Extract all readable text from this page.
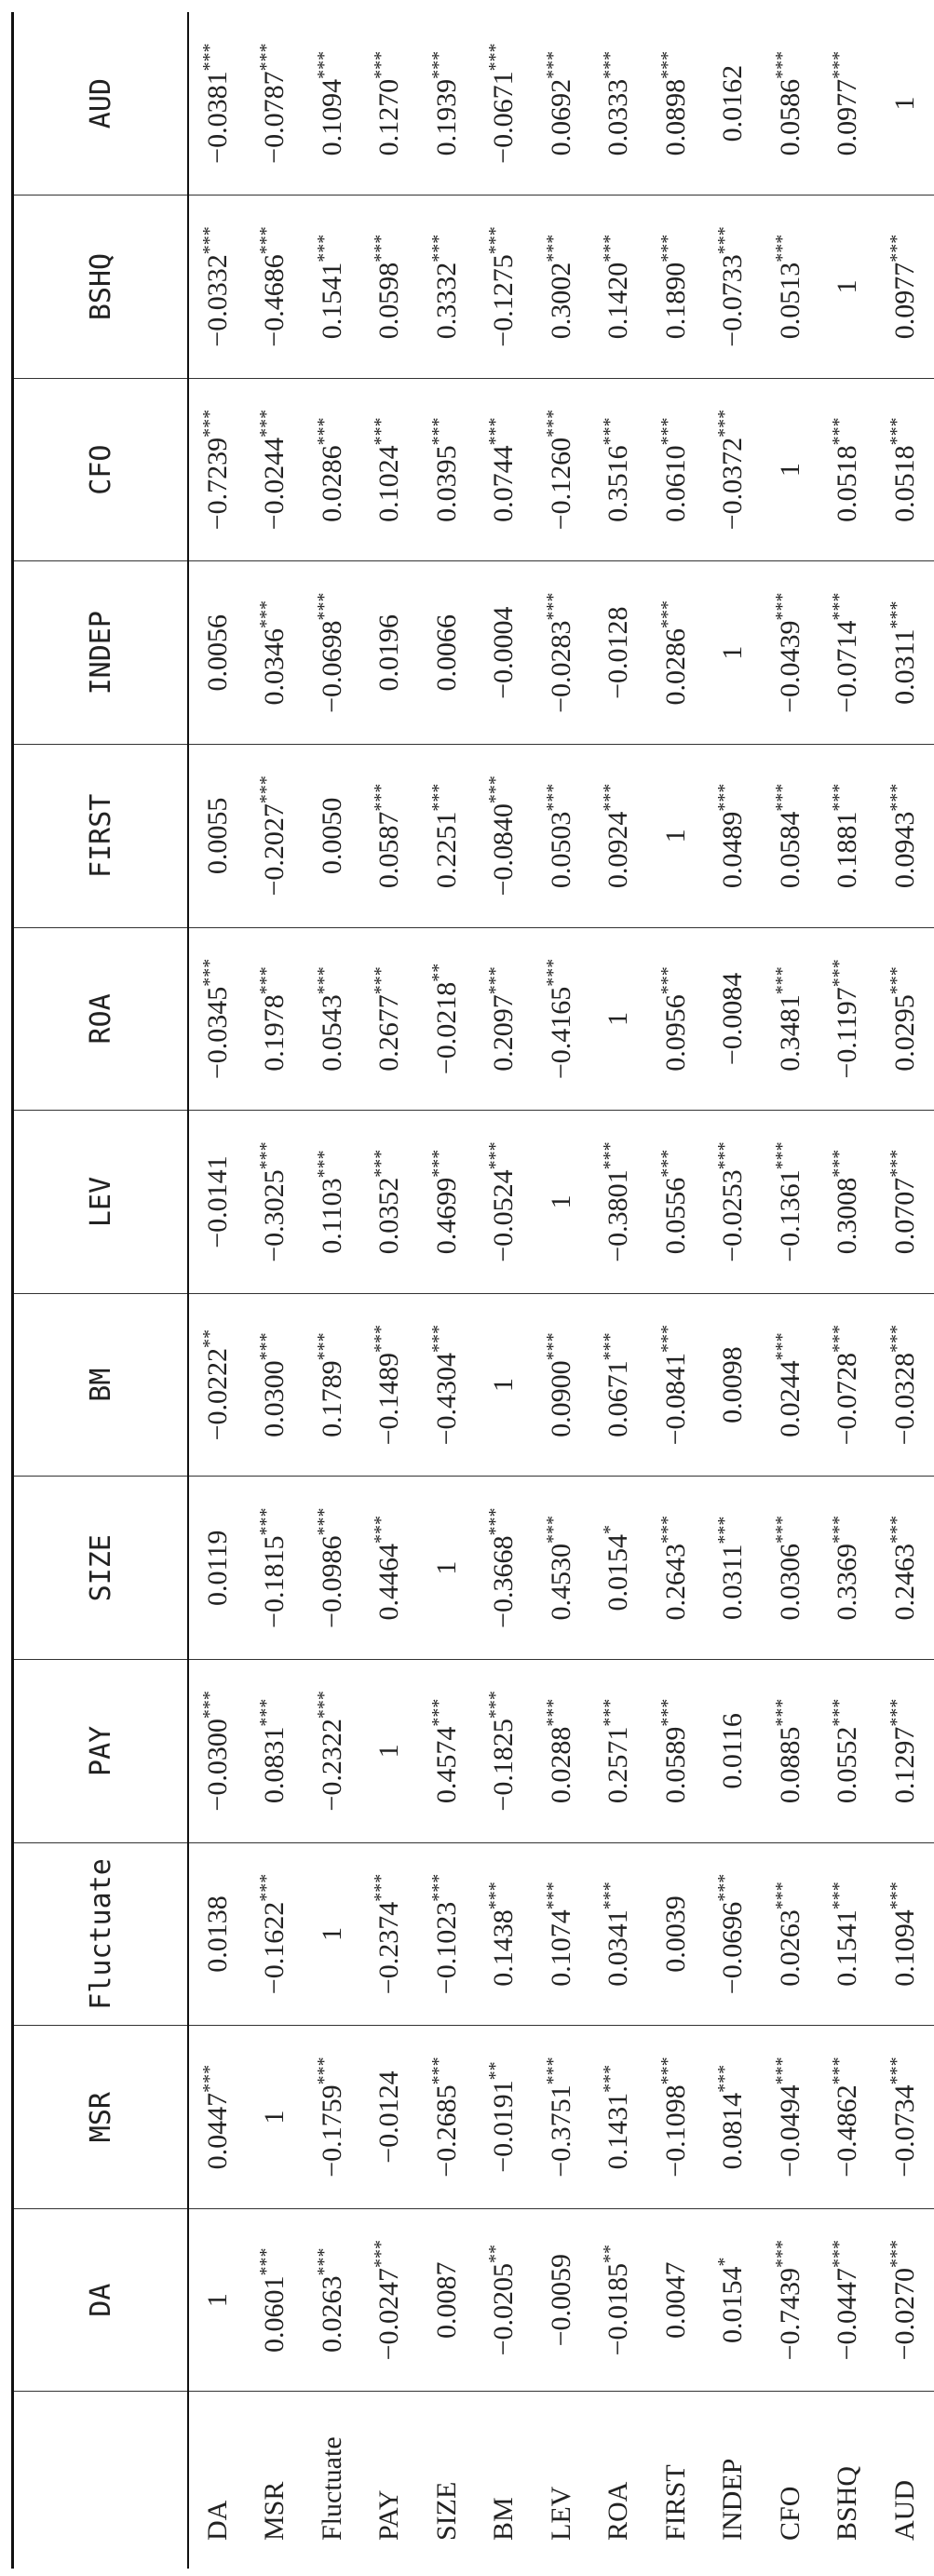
	DA	MSR	Fluctuate	PAY	SIZE	BM	LEV	ROA	FIRST	INDEP	CFO	BSHQ	AUD
DA	1	0.0447***	0.0138	−0.0300***	0.0119	−0.0222**	−0.0141	−0.0345***	0.0055	0.0056	−0.7239***	−0.0332***	−0.0381***
MSR	0.0601***	1	−0.1622***	0.0831***	−0.1815***	0.0300***	−0.3025***	0.1978***	−0.2027***	0.0346***	−0.0244***	−0.4686***	−0.0787***
Fluctuate	0.0263***	−0.1759***	1	−0.2322***	−0.0986***	0.1789***	0.1103***	0.0543***	0.0050	−0.0698***	0.0286***	0.1541***	0.1094***
PAY	−0.0247***	−0.0124	−0.2374***	1	0.4464***	−0.1489***	0.0352***	0.2677***	0.0587***	0.0196	0.1024***	0.0598***	0.1270***
SIZE	0.0087	−0.2685***	−0.1023***	0.4574***	1	−0.4304***	0.4699***	−0.0218**	0.2251***	0.0066	0.0395***	0.3332***	0.1939***
BM	−0.0205**	−0.0191**	0.1438***	−0.1825***	−0.3668***	1	−0.0524***	0.2097***	−0.0840***	−0.0004	0.0744***	−0.1275***	−0.0671***
LEV	−0.0059	−0.3751***	0.1074***	0.0288***	0.4530***	0.0900***	1	−0.4165***	0.0503***	−0.0283***	−0.1260***	0.3002***	0.0692***
ROA	−0.0185**	0.1431***	0.0341***	0.2571***	0.0154*	0.0671***	−0.3801***	1	0.0924***	−0.0128	0.3516***	0.1420***	0.0333***
FIRST	0.0047	−0.1098***	0.0039	0.0589***	0.2643***	−0.0841***	0.0556***	0.0956***	1	0.0286***	0.0610***	0.1890***	0.0898***
INDEP	0.0154*	0.0814***	−0.0696***	0.0116	0.0311***	0.0098	−0.0253***	−0.0084	0.0489***	1	−0.0372***	−0.0733***	0.0162
CFO	−0.7439***	−0.0494***	0.0263***	0.0885***	0.0306***	0.0244***	−0.1361***	0.3481***	0.0584***	−0.0439***	1	0.0513***	0.0586***
BSHQ	−0.0447***	−0.4862***	0.1541***	0.0552***	0.3369***	−0.0728***	0.3008***	−0.1197***	0.1881***	−0.0714***	0.0518***	1	0.0977***
AUD	−0.0270***	−0.0734***	0.1094***	0.1297***	0.2463***	−0.0328***	0.0707***	0.0295***	0.0943***	0.0311***	0.0518***	0.0977***	1
